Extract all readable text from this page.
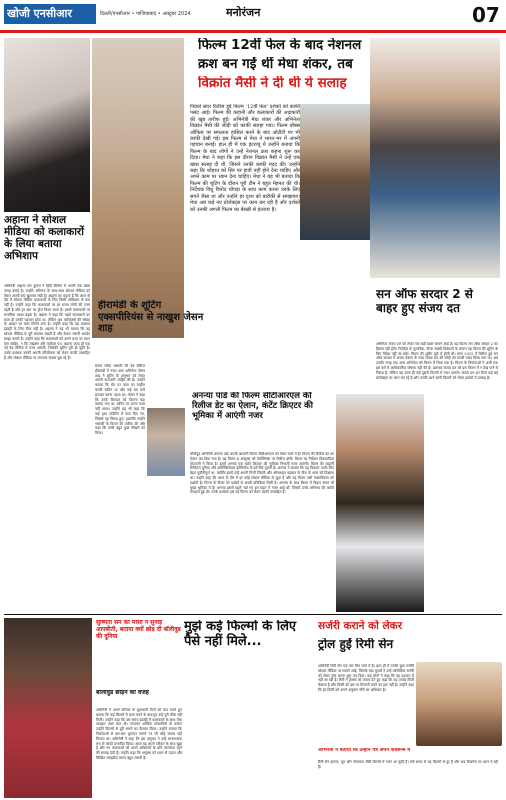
खोजी एनसीआर	दिल्ली/एनसीआर • गाजियाबाद • अक्टूबर 2024	मनोरंजन	07
अहाना ने सोशल मीडिया को कलाकारों के लिया बताया अभिशाप
अभिनेत्री अहाना एस कुमरा ने हिंदी सिनेमा में अपनी एक खास जगह बनाई है। उन्होंने अभिनय के साथ-साथ सोशल मीडिया को लेकर अपनी राय खुलकर रखी है। अहाना का कहना है कि आज के दौर में सोशल मीडिया कलाकारों के लिए किसी अभिशाप से कम नहीं है। उन्होंने कहा कि कलाकारों पर हर समय लोगों की नजर रहती है और हर बात पर ट्रोल किया जाता है। इससे कलाकारों पर मानसिक दबाव बढ़ता है। अहाना ने कहा कि पहले कलाकारों का काम ही उनकी पहचान होता था, लेकिन अब फॉलोअर्स की संख्या के आधार पर काम मिलने लगा है। उन्होंने कहा कि यह बदलाव इंडस्ट्री के लिए ठीक नहीं है। अहाना ने यह भी बताया कि वह सोशल मीडिया से दूरी बनाकर रखती हैं और केवल जरूरी अपडेट साझा करती हैं। उन्होंने कहा कि कलाकारों को अपने काम पर ध्यान देना चाहिए, न कि लाइक्स और कमेंट्स पर। अहाना जल्द ही एक नई वेब सीरीज में नजर आएंगी, जिसकी शूटिंग पूरी हो चुकी है। उनके प्रशंसक उनकी अगली परियोजना को लेकर काफी उत्साहित हैं और सोशल मीडिया पर लगातार सवाल पूछ रहे हैं।
हीरामंडी के शूटिंग एक्सपीरियंस से नाखुश जेसन शाह
संजय लीला भंसाली की वेब सीरीज हीरामंडी में नजर आए अभिनेता जेसन शाह ने शूटिंग के अनुभव को लेकर अपनी नाराजगी जाहिर की है। उन्होंने बताया कि सेट पर काम का माहौल काफी कठिन था और कई बार घंटों इंतजार करना पड़ता था। जेसन ने कहा कि उनके किरदार को जितना बड़ा बताया गया था, स्क्रीन पर उतना नजर नहीं आया। उन्होंने यह भी कहा कि कई दृश्य एडिटिंग में काट दिए गए, जिससे वह निराश हुए। हालांकि उन्होंने भंसाली के विजन की तारीफ की और कहा कि उनसे बहुत कुछ सीखने को मिला।
फिल्म 12वीं फेल के बाद नेशनल
क्रश बन गईं थीं मेधा शंकर, तब
विक्रांत मैसी ने दी थी ये सलाह
पिछले साल रिलीज हुई फिल्म '12वीं फेल' दर्शकों को काफी पसंद आई। फिल्म की कहानी और कलाकारों की अदाकारी की खूब तारीफ हुई। अभिनेत्री मेधा शंकर और अभिनेता विक्रांत मैसी की जोड़ी को काफी सराहा गया। फिल्म बॉक्स ऑफिस पर सफलता हासिल करने के बाद ओटीटी पर भी काफी देखी गई। इस फिल्म से मेधा ने भारत-भर में अपनी पहचान बनाई। हाल ही में एक इंटरव्यू में उन्होंने बताया कि फिल्म के बाद लोगों ने उन्हें नेशनल क्रश कहना शुरू कर दिया। मेधा ने कहा कि इस दौरान विक्रांत मैसी ने उन्हें एक खास सलाह दी थी, जिसने उनकी काफी मदद की। उन्होंने कहा कि शोहरत को सिर पर हावी नहीं होने देना चाहिए और अपने काम पर ध्यान देना चाहिए। मेधा ने यह भी बताया कि फिल्म की शूटिंग के दौरान पूरी टीम ने बहुत मेहनत की थी। निर्देशक विधु विनोद चोपड़ा के साथ काम करना उनके लिए सपने जैसा था और उन्होंने हर दृश्य को बारीकी से समझाया। मेधा अब कई नए प्रोजेक्ट्स पर काम कर रही हैं और दर्शकों को उनकी अगली फिल्म का बेसब्री से इंतजार है।
सन ऑफ सरदार 2 से बाहर हुए संजय दत
अभिनेता संजय दत्त को लेकर एक बड़ी खबर सामने आई है। वह फिल्म सन ऑफ सरदार 2 का हिस्सा नहीं होंगे। रिपोर्ट्स के मुताबिक, वीजा संबंधी दिक्कतों के कारण वह फिल्म की शूटिंग के लिए विदेश नहीं जा सके। फिल्म की शूटिंग यूके में होनी थी। साल 2012 में रिलीज हुई सन ऑफ सरदार में अजय देवगन के साथ संजय दत्त की जोड़ी को काफी पसंद किया गया था। अब उनकी जगह एक अन्य अभिनेता को फिल्म में लिया गया है। फिल्म के निर्माताओं ने अभी तक इस बारे में आधिकारिक घोषणा नहीं की है। प्रशंसक संजय दत्त को इस फिल्म में न देख पाने से निराश हैं, लेकिन वह जल्द ही कई दूसरी फिल्मों में नजर आएंगे। संजय दत्त इन दिनों कई बड़े प्रोजेक्ट्स पर काम कर रहे हैं और उनकी आने वाली फिल्मों को लेकर दर्शकों में उत्साह है।
अनन्या पांडे की फिल्म सीटीआरएल की रिलीज डेट का ऐलान, कंटेंट क्रिएटर की भूमिका में आएंगी नजर
बॉलीवुड अभिनेत्री अनन्या पांडे अपनी आगामी फिल्म सीटीआरएल को लेकर चर्चा में हैं। फिल्म की रिलीज डेट का ऐलान कर दिया गया है। यह फिल्म 4 अक्टूबर को नेटफ्लिक्स पर रिलीज होगी। फिल्म का निर्देशन विक्रमादित्य मोटवानी ने किया है। इसमें अनन्या एक कंटेंट क्रिएटर की भूमिका निभाती नजर आएंगी। फिल्म की कहानी डिजिटल दुनिया और आर्टिफिशियल इंटेलिजेंस के इर्द-गिर्द घूमती है। अनन्या ने बताया कि यह किरदार उनके लिए बेहद चुनौतीपूर्ण था, क्योंकि इसमें उन्हें अपनी निजी जिंदगी और ऑनलाइन पहचान के बीच के अंतर को दिखाना था। उन्होंने कहा कि आज के दौर में हर कोई सोशल मीडिया से जुड़ा है और यह फिल्म उसी वास्तविकता को दर्शाती है। फिल्म के टीजर को दर्शकों से अच्छी प्रतिक्रिया मिली है। अनन्या के साथ फिल्म में विहान समत भी मुख्य भूमिका में हैं। अनन्या इससे पहले 'खो गए हम कहां' में नजर आई थीं, जिसमें उनके अभिनय की काफी सराहना हुई थी। उनके प्रशंसक इस नई फिल्म को लेकर काफी उत्साहित हैं।
सुष्मिता सेन की मौसी ने सुनाई आपबीती, बताया क्यों छोड़ दी बॉलीवुड की दुनिया
बॉलीवुड छोड़ने की वजह
अभिनेत्री ने अपने करियर के शुरुआती दिनों को याद करते हुए बताया कि कई फिल्मों में काम करने के बावजूद उन्हें पूरी फीस नहीं मिली। उन्होंने कहा कि उस समय इंडस्ट्री में कलाकारों के साथ ऐसा व्यवहार आम बात थी। लगातार आर्थिक परेशानियों के कारण उन्होंने फिल्मों से दूरी बनाने का फैसला किया। उन्होंने बताया कि निर्माताओं से बार-बार भुगतान मांगने पर भी कोई जवाब नहीं मिलता था। अभिनेत्री ने कहा कि इस अनुभव ने उन्हें भावनात्मक रूप से काफी प्रभावित किया। आज वह अपने परिवार के साथ खुश हैं और नए कलाकारों को अपने अधिकारों के प्रति जागरूक रहने की सलाह देती हैं। उन्होंने कहा कि अनुबंध को ध्यान से पढ़ना और लिखित समझौता करना बहुत जरूरी है।
मुझे कई फिल्मों के लिए पैसे नहीं मिले...
सर्जरी कराने को लेकर
ट्रोल हुईं रिमी सेन
अभिनेत्री रिमी सेन एक बार फिर चर्चा में हैं। हाल ही में उनकी कुछ तस्वीरें सोशल मीडिया पर सामने आईं, जिसके बाद यूजर्स ने उन्हें कॉस्मेटिक सर्जरी को लेकर ट्रोल करना शुरू कर दिया। कई लोगों ने कहा कि वह पहचान में नहीं आ रही हैं। रिमी ने ट्रोलर्स को जवाब देते हुए कहा कि यह उनका निजी फैसला है और किसी को इस पर टिप्पणी करने का हक नहीं है। उन्होंने कहा कि हर किसी को अपने अनुसार जीने का अधिकार है।
अभिनेत्री ने बताया कि उन्होंने पत्र अपने कौसिन्स में
रिमी सेन हंगामा, धूम और गोलमाल जैसी फिल्मों में नजर आ चुकी हैं। लंबे समय से वह फिल्मों से दूर हैं और अब बिजनेस पर ध्यान दे रही हैं।
